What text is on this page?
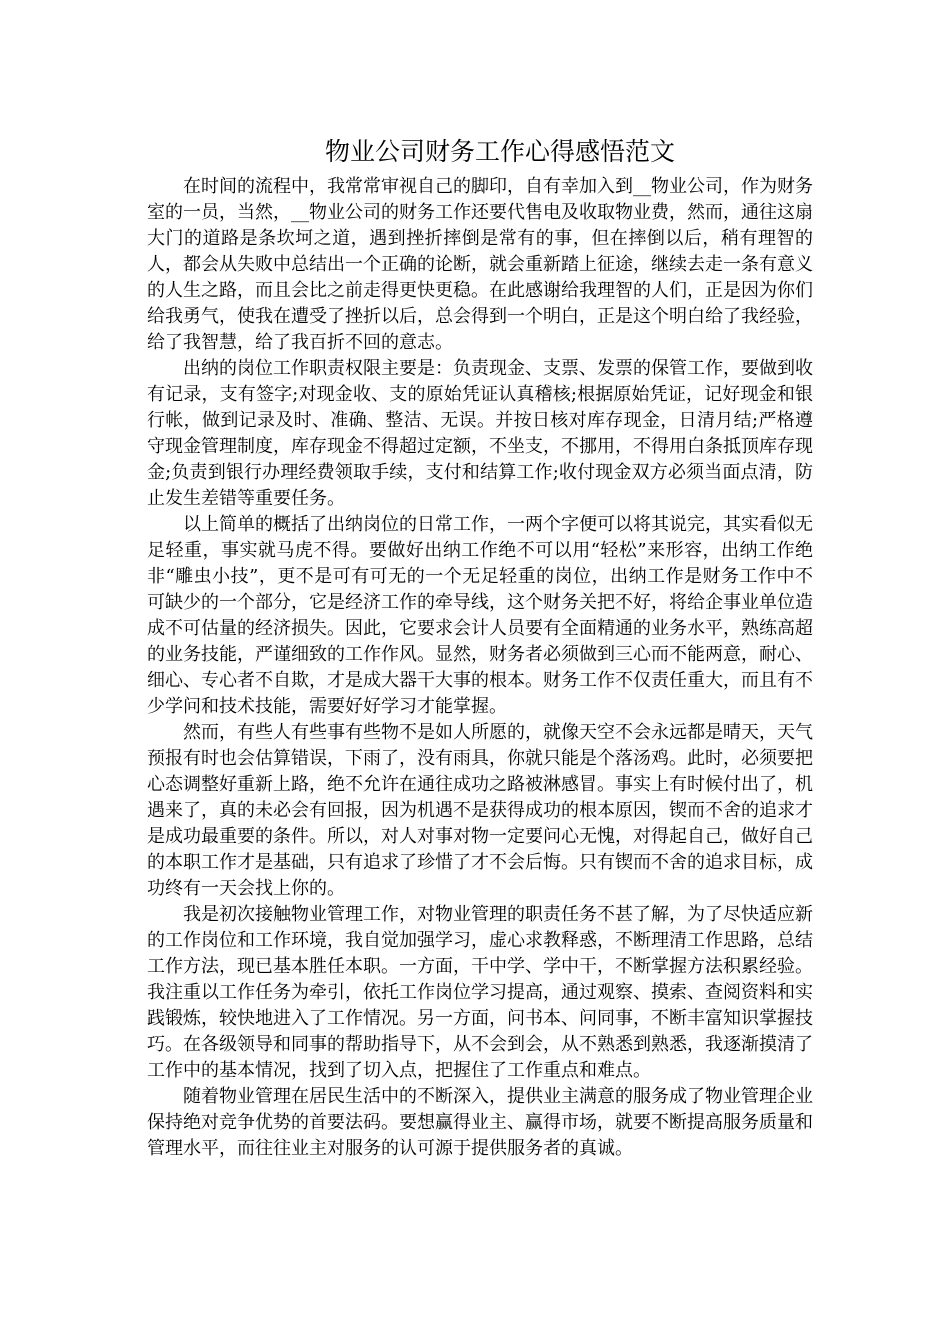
物业公司财务工作心得感悟范文

在时间的流程中，我常常审视自己的脚印，自有幸加入到__物业公司，作为财务室的一员，当然，__物业公司的财务工作还要代售电及收取物业费，然而，通往这扇大门的道路是条坎坷之道，遇到挫折摔倒是常有的事，但在摔倒以后，稍有理智的人，都会从失败中总结出一个正确的论断，就会重新踏上征途，继续去走一条有意义的人生之路，而且会比之前走得更快更稳。在此感谢给我理智的人们，正是因为你们给我勇气，使我在遭受了挫折以后，总会得到一个明白，正是这个明白给了我经验，给了我智慧，给了我百折不回的意志。

出纳的岗位工作职责权限主要是：负责现金、支票、发票的保管工作，要做到收有记录，支有签字;对现金收、支的原始凭证认真稽核;根据原始凭证，记好现金和银行帐，做到记录及时、准确、整洁、无误。并按日核对库存现金，日清月结;严格遵守现金管理制度，库存现金不得超过定额，不坐支，不挪用，不得用白条抵顶库存现金;负责到银行办理经费领取手续，支付和结算工作;收付现金双方必须当面点清，防止发生差错等重要任务。

以上简单的概括了出纳岗位的日常工作，一两个字便可以将其说完，其实看似无足轻重，事实就马虎不得。要做好出纳工作绝不可以用“轻松”来形容，出纳工作绝非“雕虫小技”，更不是可有可无的一个无足轻重的岗位，出纳工作是财务工作中不可缺少的一个部分，它是经济工作的牵导线，这个财务关把不好，将给企事业单位造成不可估量的经济损失。因此，它要求会计人员要有全面精通的业务水平，熟练高超的业务技能，严谨细致的工作作风。显然，财务者必须做到三心而不能两意，耐心、细心、专心者不自欺，才是成大器干大事的根本。财务工作不仅责任重大，而且有不少学问和技术技能，需要好好学习才能掌握。

然而，有些人有些事有些物不是如人所愿的，就像天空不会永远都是晴天，天气预报有时也会估算错误，下雨了，没有雨具，你就只能是个落汤鸡。此时，必须要把心态调整好重新上路，绝不允许在通往成功之路被淋感冒。事实上有时候付出了，机遇来了，真的未必会有回报，因为机遇不是获得成功的根本原因，锲而不舍的追求才是成功最重要的条件。所以，对人对事对物一定要问心无愧，对得起自己，做好自己的本职工作才是基础，只有追求了珍惜了才不会后悔。只有锲而不舍的追求目标，成功终有一天会找上你的。

我是初次接触物业管理工作，对物业管理的职责任务不甚了解，为了尽快适应新的工作岗位和工作环境，我自觉加强学习，虚心求教释惑，不断理清工作思路，总结工作方法，现已基本胜任本职。一方面，干中学、学中干，不断掌握方法积累经验。我注重以工作任务为牵引，依托工作岗位学习提高，通过观察、摸索、查阅资料和实践锻炼，较快地进入了工作情况。另一方面，问书本、问同事，不断丰富知识掌握技巧。在各级领导和同事的帮助指导下，从不会到会，从不熟悉到熟悉，我逐渐摸清了工作中的基本情况，找到了切入点，把握住了工作重点和难点。

随着物业管理在居民生活中的不断深入，提供业主满意的服务成了物业管理企业保持绝对竞争优势的首要法码。要想赢得业主、赢得市场，就要不断提高服务质量和管理水平，而往往业主对服务的认可源于提供服务者的真诚。
